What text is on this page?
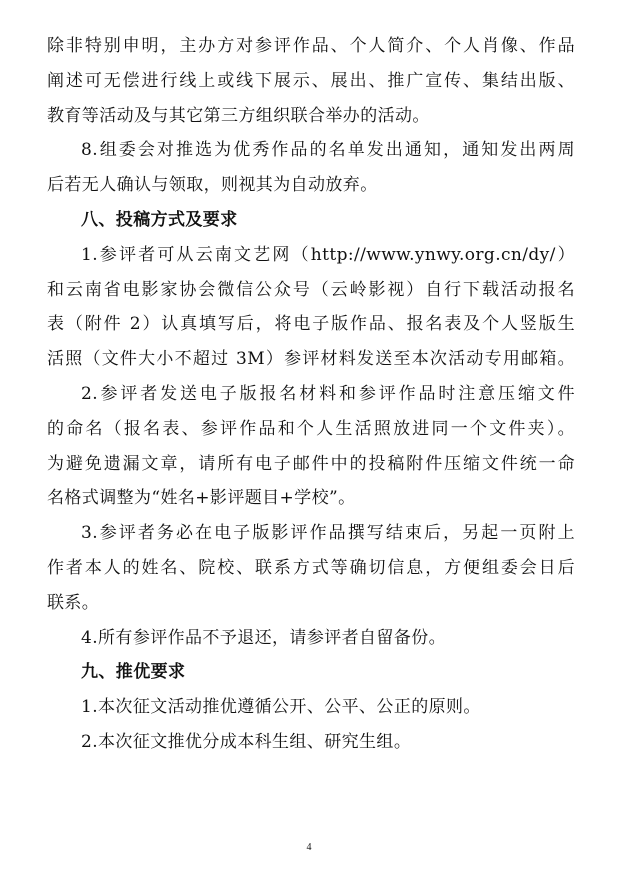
除非特别申明，主办方对参评作品、个人简介、个人肖像、作品
阐述可无偿进行线上或线下展示、展出、推广宣传、集结出版、
教育等活动及与其它第三方组织联合举办的活动。
8.组委会对推选为优秀作品的名单发出通知，通知发出两周
后若无人确认与领取，则视其为自动放弃。
八、投稿方式及要求
1.参评者可从云南文艺网（http://www.ynwy.org.cn/dy/）
和云南省电影家协会微信公众号（云岭影视）自行下载活动报名
表（附件 2）认真填写后，将电子版作品、报名表及个人竖版生
活照（文件大小不超过 3M）参评材料发送至本次活动专用邮箱。
2.参评者发送电子版报名材料和参评作品时注意压缩文件
的命名（报名表、参评作品和个人生活照放进同一个文件夹）。
为避免遗漏文章，请所有电子邮件中的投稿附件压缩文件统一命
名格式调整为“姓名+影评题目+学校”。
3.参评者务必在电子版影评作品撰写结束后，另起一页附上
作者本人的姓名、院校、联系方式等确切信息，方便组委会日后
联系。
4.所有参评作品不予退还，请参评者自留备份。
九、推优要求
1.本次征文活动推优遵循公开、公平、公正的原则。
2.本次征文推优分成本科生组、研究生组。
4
